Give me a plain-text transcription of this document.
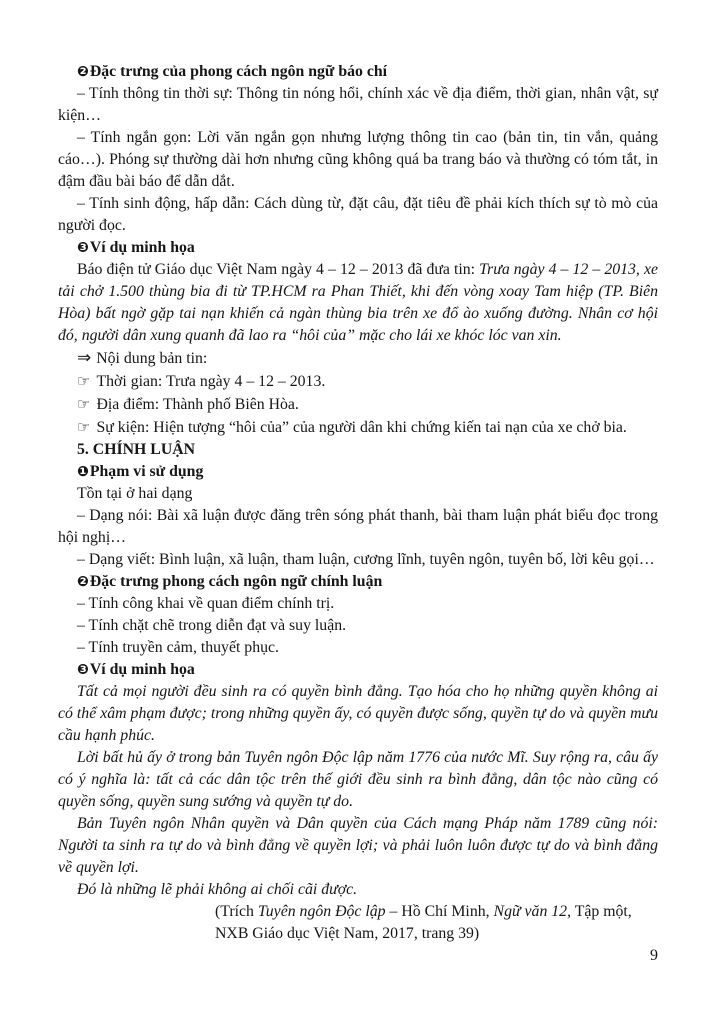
❷Đặc trưng của phong cách ngôn ngữ báo chí

– Tính thông tin thời sự: Thông tin nóng hổi, chính xác về địa điểm, thời gian, nhân vật, sự kiện…

– Tính ngắn gọn: Lời văn ngắn gọn nhưng lượng thông tin cao (bản tin, tin vắn, quảng cáo…). Phóng sự thường dài hơn nhưng cũng không quá ba trang báo và thường có tóm tắt, in đậm đầu bài báo để dẫn dắt.

– Tính sinh động, hấp dẫn: Cách dùng từ, đặt câu, đặt tiêu đề phải kích thích sự tò mò của người đọc.

❸Ví dụ minh họa

Báo điện tử Giáo dục Việt Nam ngày 4 – 12 – 2013 đã đưa tin: Trưa ngày 4 – 12 – 2013, xe tải chở 1.500 thùng bia đi từ TP.HCM ra Phan Thiết, khi đến vòng xoay Tam hiệp (TP. Biên Hòa) bất ngờ gặp tai nạn khiến cả ngàn thùng bia trên xe đổ ào xuống đường. Nhân cơ hội đó, người dân xung quanh đã lao ra “hôi của” mặc cho lái xe khóc lóc van xin.

⇒ Nội dung bản tin:

☞ Thời gian: Trưa ngày 4 – 12 – 2013.

☞ Địa điểm: Thành phố Biên Hòa.

☞ Sự kiện: Hiện tượng “hôi của” của người dân khi chứng kiến tai nạn của xe chở bia.

5. CHÍNH LUẬN
❶Phạm vi sử dụng

Tồn tại ở hai dạng

– Dạng nói: Bài xã luận được đăng trên sóng phát thanh, bài tham luận phát biểu đọc trong hội nghị…

– Dạng viết: Bình luận, xã luận, tham luận, cương lĩnh, tuyên ngôn, tuyên bố, lời kêu gọi…

❷Đặc trưng phong cách ngôn ngữ chính luận

– Tính công khai về quan điểm chính trị.

– Tính chặt chẽ trong diễn đạt và suy luận.

– Tính truyền cảm, thuyết phục.

❸Ví dụ minh họa

Tất cả mọi người đều sinh ra có quyền bình đẳng. Tạo hóa cho họ những quyền không ai có thể xâm phạm được; trong những quyền ấy, có quyền được sống, quyền tự do và quyền mưu cầu hạnh phúc.

Lời bất hủ ấy ở trong bản Tuyên ngôn Độc lập năm 1776 của nước Mĩ. Suy rộng ra, câu ấy có ý nghĩa là: tất cả các dân tộc trên thế giới đều sinh ra bình đẳng, dân tộc nào cũng có quyền sống, quyền sung sướng và quyền tự do.

Bản Tuyên ngôn Nhân quyền và Dân quyền của Cách mạng Pháp năm 1789 cũng nói: Người ta sinh ra tự do và bình đẳng về quyền lợi; và phải luôn luôn được tự do và bình đẳng về quyền lợi.

Đó là những lẽ phải không ai chối cãi được.

(Trích Tuyên ngôn Độc lập – Hồ Chí Minh, Ngữ văn 12, Tập một,

NXB Giáo dục Việt Nam, 2017, trang 39)

9
